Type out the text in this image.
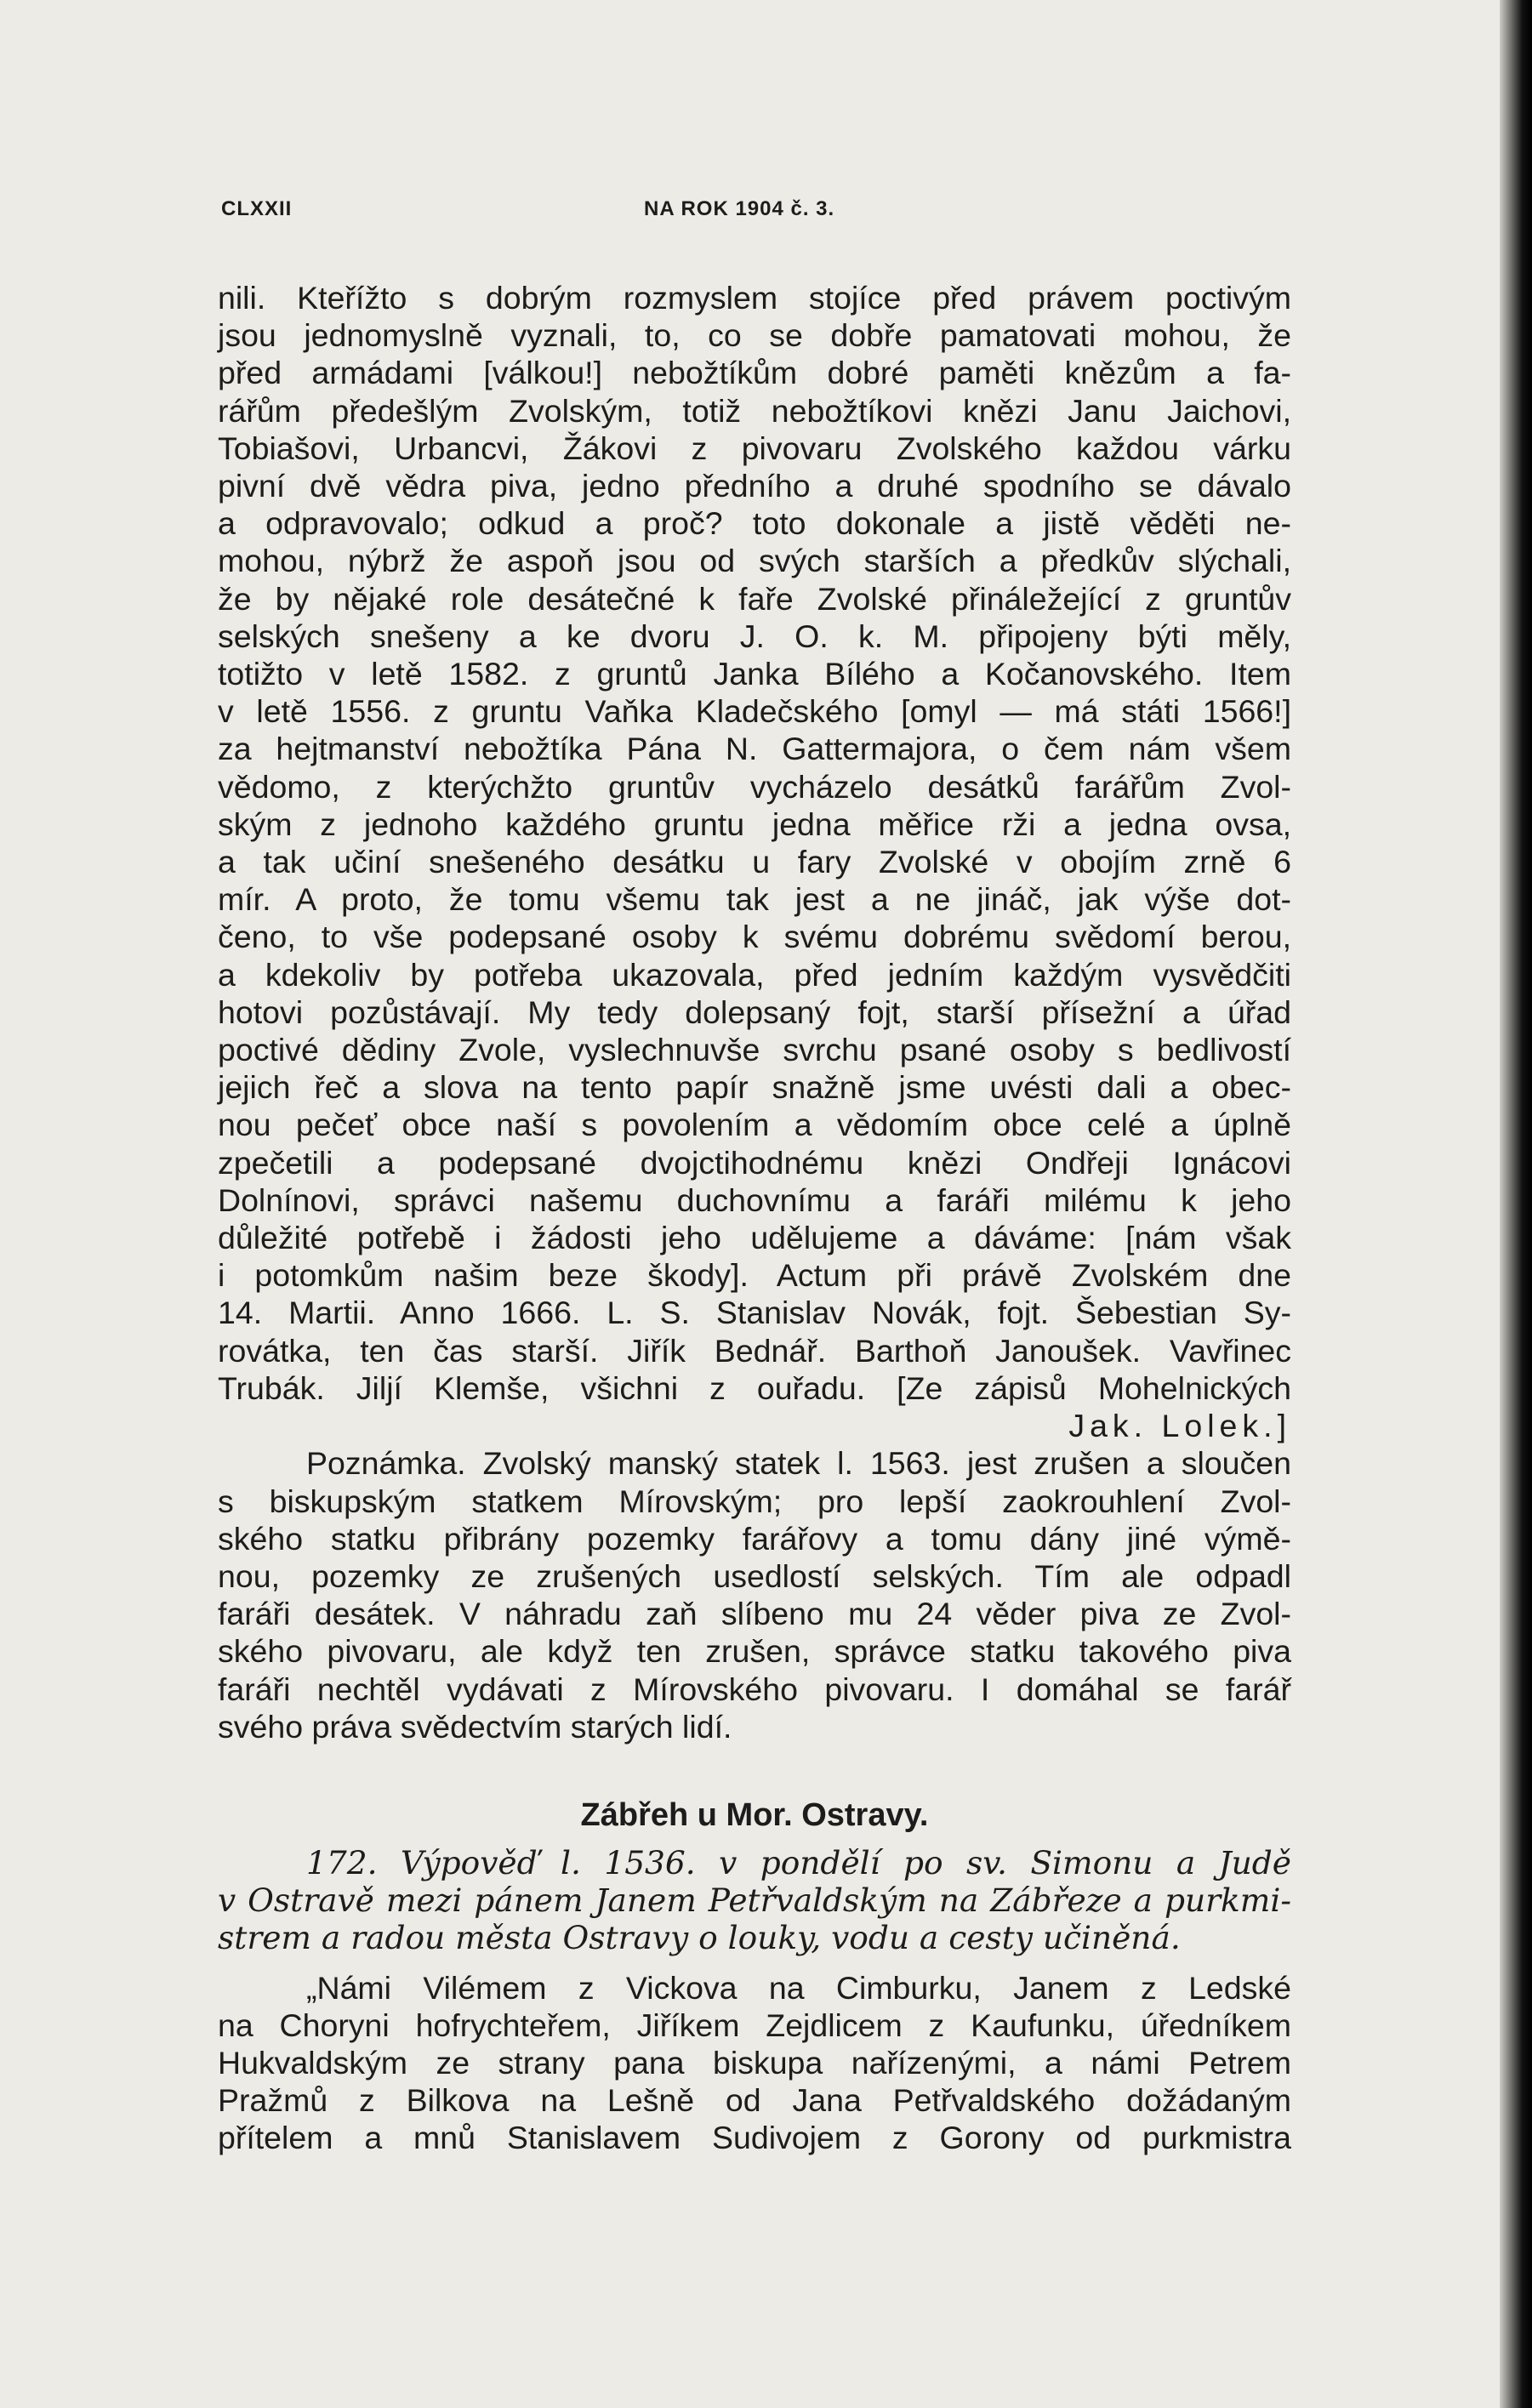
CLXXII	NA ROK 1904 č. 3.
nili. Kteřížto s dobrým rozmyslem stojíce před právem poctivým
jsou jednomyslně vyznali, to, co se dobře pamatovati mohou, že
před armádami [válkou!] nebožtíkům dobré paměti knězům a fa-
rářům předešlým Zvolským, totiž nebožtíkovi knězi Janu Jaichovi,
Tobiašovi, Urbancvi, Žákovi z pivovaru Zvolského každou várku
pivní dvě vědra piva, jedno předního a druhé spodního se dávalo
a odpravovalo; odkud a proč? toto dokonale a jistě věděti ne-
mohou, nýbrž že aspoň jsou od svých starších a předkův slýchali,
že by nějaké role desátečné k faře Zvolské přináležející z gruntův
selských snešeny a ke dvoru J. O. k. M. připojeny býti měly,
totižto v letě 1582. z gruntů Janka Bílého a Kočanovského. Item
v letě 1556. z gruntu Vaňka Kladečského [omyl — má státi 1566!]
za hejtmanství nebožtíka Pána N. Gattermajora, o čem nám všem
vědomo, z kterýchžto gruntův vycházelo desátků farářům Zvol-
ským z jednoho každého gruntu jedna měřice rži a jedna ovsa,
a tak učiní snešeného desátku u fary Zvolské v obojím zrně 6
mír. A proto, že tomu všemu tak jest a ne jináč, jak výše dot-
čeno, to vše podepsané osoby k svému dobrému svědomí berou,
a kdekoliv by potřeba ukazovala, před jedním každým vysvědčiti
hotovi pozůstávají. My tedy dolepsaný fojt, starší přísežní a úřad
poctivé dědiny Zvole, vyslechnuvše svrchu psané osoby s bedlivostí
jejich řeč a slova na tento papír snažně jsme uvésti dali a obec-
nou pečeť obce naší s povolením a vědomím obce celé a úplně
zpečetili a podepsané dvojctihodnému knězi Ondřeji Ignácovi
Dolnínovi, správci našemu duchovnímu a faráři milému k jeho
důležité potřebě i žádosti jeho udělujeme a dáváme: [nám však
i potomkům našim beze škody]. Actum při právě Zvolském dne
14. Martii. Anno 1666. L. S. Stanislav Novák, fojt. Šebestian Sy-
rovátka, ten čas starší. Jiřík Bednář. Barthoň Janoušek. Vavřinec
Trubák. Jiljí Klemše, všichni z ouřadu. [Ze zápisů Mohelnických
Jak. Lolek.]
Poznámka. Zvolský manský statek l. 1563. jest zrušen a sloučen
s biskupským statkem Mírovským; pro lepší zaokrouhlení Zvol-
ského statku přibrány pozemky farářovy a tomu dány jiné výmě-
nou, pozemky ze zrušených usedlostí selských. Tím ale odpadl
faráři desátek. V náhradu zaň slíbeno mu 24 věder piva ze Zvol-
ského pivovaru, ale když ten zrušen, správce statku takového piva
faráři nechtěl vydávati z Mírovského pivovaru. I domáhal se farář
svého práva svědectvím starých lidí.
Zábřeh u Mor. Ostravy.
172. Výpověď l. 1536. v pondělí po sv. Simonu a Judě
v Ostravě mezi pánem Janem Petřvaldským na Zábřeze a purkmi-
strem a radou města Ostravy o louky, vodu a cesty učiněná.
„Námi Vilémem z Vickova na Cimburku, Janem z Ledské
na Choryni hofrychteřem, Jiříkem Zejdlicem z Kaufunku, úředníkem
Hukvaldským ze strany pana biskupa nařízenými, a námi Petrem
Pražmů z Bilkova na Lešně od Jana Petřvaldského dožádaným
přítelem a mnů Stanislavem Sudivojem z Gorony od purkmistra
